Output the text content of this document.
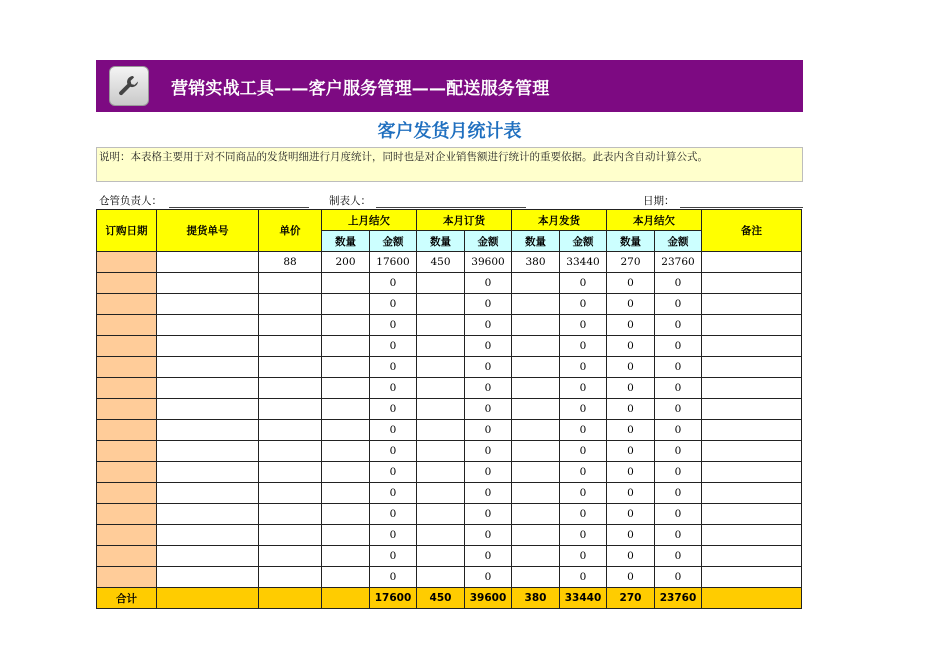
营销实战工具——客户服务管理——配送服务管理
客户发货月统计表
说明：本表格主要用于对不同商品的发货明细进行月度统计，同时也是对企业销售额进行统计的重要依据。此表内含自动计算公式。
仓管负责人：	制表人：	日期：
订购日期	提货单号	单价	上月结欠		本月订货		本月发货		本月结欠		备注
			数量	金额	数量	金额	数量	金额	数量	金额	
		88	200	17600	450	39600	380	33440	270	23760	
				0		0		0	0	0	
				0		0		0	0	0	
				0		0		0	0	0	
				0		0		0	0	0	
				0		0		0	0	0	
				0		0		0	0	0	
				0		0		0	0	0	
				0		0		0	0	0	
				0		0		0	0	0	
				0		0		0	0	0	
				0		0		0	0	0	
				0		0		0	0	0	
				0		0		0	0	0	
				0		0		0	0	0	
				0		0		0	0	0	
合计				17600	450	39600	380	33440	270	23760	
